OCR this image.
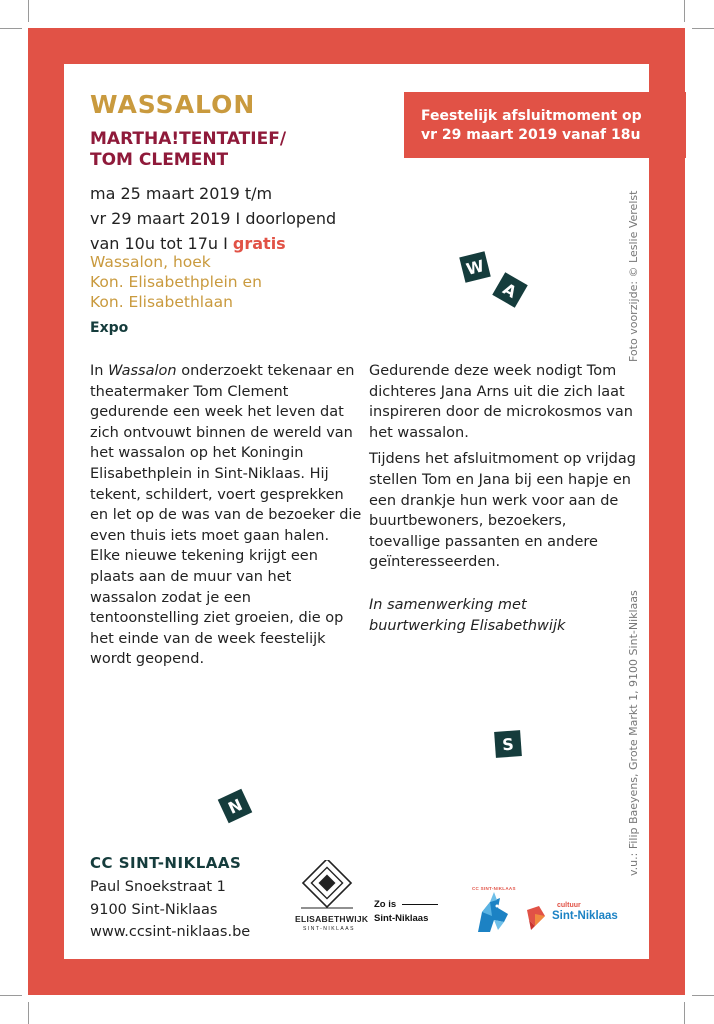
WASSALON
MARTHA!TENTATIEF/
TOM CLEMENT
ma 25 maart 2019 t/m
vr 29 maart 2019 I doorlopend
van 10u tot 17u I gratis
Wassalon, hoek
Kon. Elisabethplein en
Kon. Elisabethlaan
Expo

In Wassalon onderzoekt tekenaar en theatermaker Tom Clement gedurende een week het leven dat zich ontvouwt binnen de wereld van het wassalon op het Koningin Elisabethplein in Sint-Niklaas. Hij tekent, schildert, voert gesprekken en let op de was van de bezoeker die even thuis iets moet gaan halen. Elke nieuwe tekening krijgt een plaats aan de muur van het wassalon zodat je een tentoonstelling ziet groeien, die op het einde van de week feestelijk wordt geopend.

Gedurende deze week nodigt Tom dichteres Jana Arns uit die zich laat inspireren door de microkosmos van het wassalon.

Tijdens het afsluitmoment op vrijdag stellen Tom en Jana bij een hapje en een drankje hun werk voor aan de buurtbewoners, bezoekers, toevallige passanten en andere geïnteresseerden.

In samenwerking met
buurtwerking Elisabethwijk

Feestelijk afsluitmoment op
vr 29 maart 2019 vanaf 18u
Foto voorzijde: © Leslie Verelst
v.u.: Filip Baeyens, Grote Markt 1, 9100 Sint-Niklaas
W
A
S
N
CC SINT-NIKLAAS
Paul Snoekstraat 1
9100 Sint-Niklaas
www.ccsint-niklaas.be
ELISABETHWIJK
SINT-NIKLAAS
Zo is
Sint-Niklaas
CC SINT-NIKLAAS
cultuur
Sint-Niklaas
